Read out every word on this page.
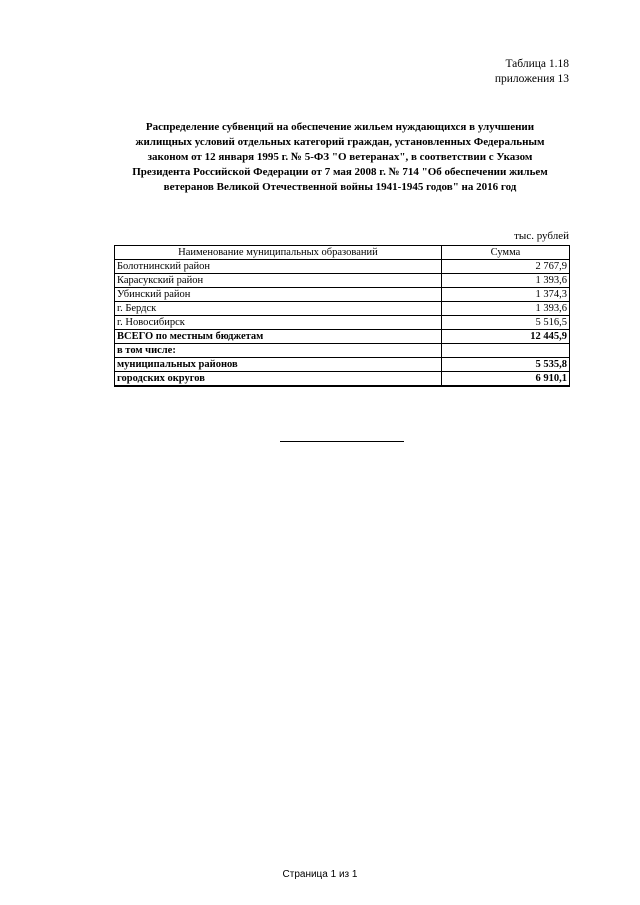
Таблица 1.18
приложения 13
Распределение субвенций на обеспечение жильем нуждающихся в улучшении
жилищных условий отдельных категорий граждан, установленных Федеральным
законом от 12 января 1995 г. № 5-ФЗ "О ветеранах", в соответствии с Указом
Президента Российской Федерации от 7 мая 2008 г. № 714 "Об обеспечении жильем
ветеранов Великой Отечественной войны 1941-1945 годов" на 2016 год
тыс. рублей
Наименование муниципальных образований	Сумма
Болотнинский район	2 767,9
Карасукский район	1 393,6
Убинский район	1 374,3
г. Бердск	1 393,6
г. Новосибирск	5 516,5
ВСЕГО по местным бюджетам	12 445,9
в том числе:	
муниципальных районов	5 535,8
городских округов	6 910,1
Страница 1 из 1
